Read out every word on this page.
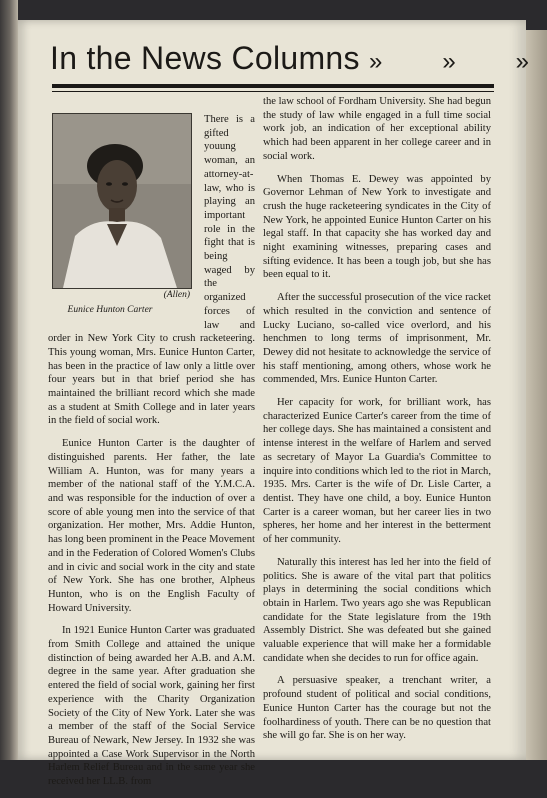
In the News Columns » » »
(Allen)
Eunice Hunton Carter

There is a gifted youung woman, an attorney-at-law, who is playing an important role in the fight that is being waged by the organized forces of law and order in New York City to crush racketeering. This young woman, Mrs. Eunice Hunton Carter, has been in the practice of law only a little over four years but in that brief period she has maintained the brilliant record which she made as a student at Smith College and in later years in the field of social work.

Eunice Hunton Carter is the daughter of distinguished parents. Her father, the late William A. Hunton, was for many years a member of the national staff of the Y.M.C.A. and was responsible for the induction of over a score of able young men into the service of that organization. Her mother, Mrs. Addie Hunton, has long been prominent in the Peace Movement and in the Federation of Colored Women's Clubs and in civic and social work in the city and state of New York. She has one brother, Alpheus Hunton, who is on the English Faculty of Howard University.

In 1921 Eunice Hunton Carter was graduated from Smith College and attained the unique distinction of being awarded her A.B. and A.M. degree in the same year. After graduation she entered the field of social work, gaining her first experience with the Charity Organization Society of the City of New York. Later she was a member of the staff of the Social Service Bureau of Newark, New Jersey. In 1932 she was appointed a Case Work Supervisor in the North Harlem Relief Bureau and in the same year she received her LL.B. from

the law school of Fordham University. She had begun the study of law while engaged in a full time social work job, an indication of her exceptional ability which had been apparent in her college career and in social work.

When Thomas E. Dewey was appointed by Governor Lehman of New York to investigate and crush the huge racketeering syndicates in the City of New York, he appointed Eunice Hunton Carter on his legal staff. In that capacity she has worked day and night examining witnesses, preparing cases and sifting evidence. It has been a tough job, but she has been equal to it.

After the successful prosecution of the vice racket which resulted in the conviction and sentence of Lucky Luciano, so-called vice overlord, and his henchmen to long terms of imprisonment, Mr. Dewey did not hesitate to acknowledge the service of his staff mentioning, among others, whose work he commended, Mrs. Eunice Hunton Carter.

Her capacity for work, for brilliant work, has characterized Eunice Carter's career from the time of her college days. She has maintained a consistent and intense interest in the welfare of Harlem and served as secretary of Mayor La Guardia's Committee to inquire into conditions which led to the riot in March, 1935. Mrs. Carter is the wife of Dr. Lisle Carter, a dentist. They have one child, a boy. Eunice Hunton Carter is a career woman, but her career lies in two spheres, her home and her interest in the betterment of her community.

Naturally this interest has led her into the field of politics. She is aware of the vital part that politics plays in determining the social conditions which obtain in Harlem. Two years ago she was Republican candidate for the State legislature from the 19th Assembly District. She was defeated but she gained valuable experience that will make her a formidable candidate when she decides to run for office again.

A persuasive speaker, a trenchant writer, a profound student of political and social conditions, Eunice Hunton Carter has the courage but not the foolhardiness of youth. There can be no question that she will go far. She is on her way.
